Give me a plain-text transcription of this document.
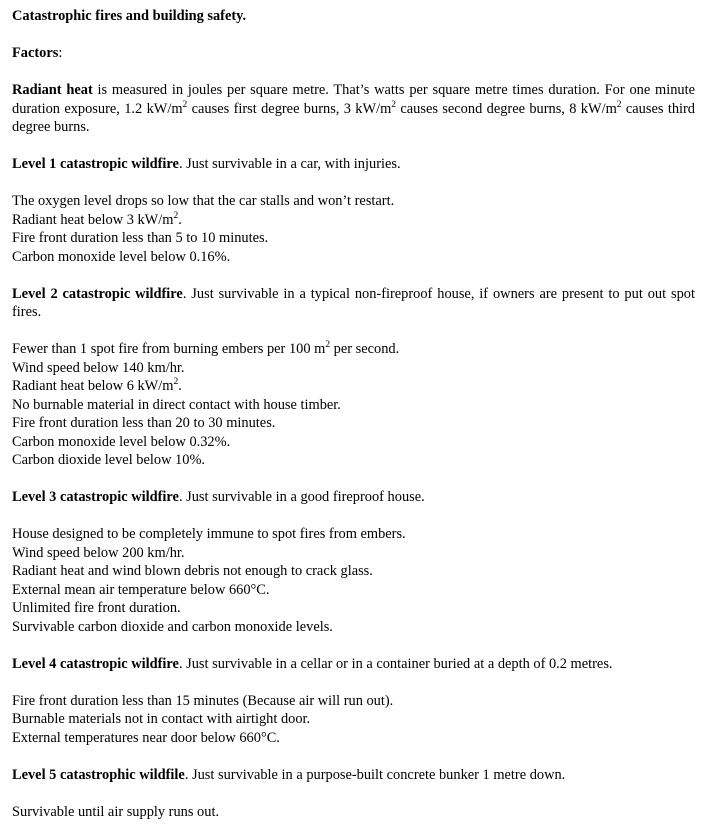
Catastrophic fires and building safety.

Factors:

Radiant heat is measured in joules per square metre. That’s watts per square metre times duration. For one minute duration exposure, 1.2 $kW/m^2$ causes first degree burns, 3 $kW/m^2$ causes second degree burns, 8 $kW/m^2$ causes third degree burns.

Level 1 catastropic wildfire. Just survivable in a car, with injuries.

The oxygen level drops so low that the car stalls and won’t restart.

Radiant heat below 3 $kW/m^2$.

Fire front duration less than 5 to 10 minutes.

Carbon monoxide level below 0.16%.

Level 2 catastropic wildfire. Just survivable in a typical non-fireproof house, if owners are present to put out spot fires.

Fewer than 1 spot fire from burning embers per 100 $m^2$ per second.

Wind speed below 140 km/hr.

Radiant heat below 6 $kW/m^2$.

No burnable material in direct contact with house timber.

Fire front duration less than 20 to 30 minutes.

Carbon monoxide level below 0.32%.

Carbon dioxide level below 10%.

Level 3 catastropic wildfire. Just survivable in a good fireproof house.

House designed to be completely immune to spot fires from embers.

Wind speed below 200 km/hr.

Radiant heat and wind blown debris not enough to crack glass.

External mean air temperature below 660°C.

Unlimited fire front duration.

Survivable carbon dioxide and carbon monoxide levels.

Level 4 catastropic wildfire. Just survivable in a cellar or in a container buried at a depth of 0.2 metres.

Fire front duration less than 15 minutes (Because air will run out).

Burnable materials not in contact with airtight door.

External temperatures near door below 660°C.

Level 5 catastrophic wildfile. Just survivable in a purpose-built concrete bunker 1 metre down.

Survivable until air supply runs out.
